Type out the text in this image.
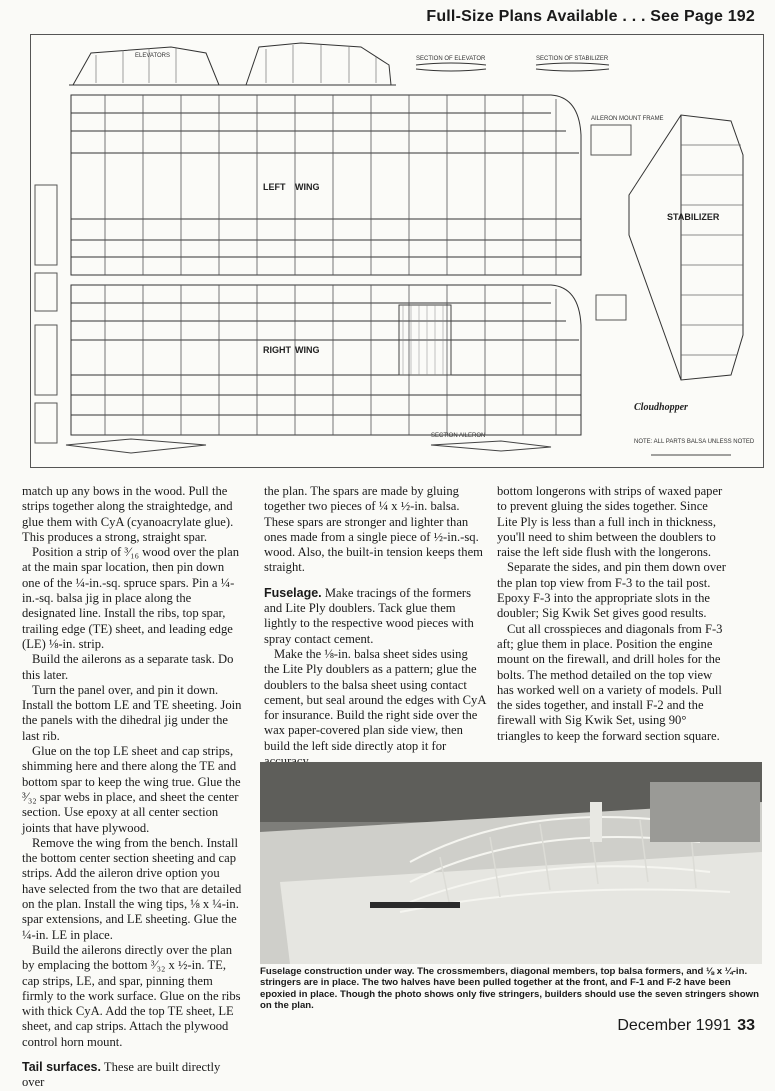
Full-Size Plans Available . . . See Page 192
ELEVATORS	SECTION OF ELEVATOR	SECTION OF STABILIZER
AILERON MOUNT FRAME
LEFT WING
RIGHT WING
STABILIZER
Cloudhopper
NOTE: ALL PARTS BALSA UNLESS NOTED
SECTION AILERON

match up any bows in the wood. Pull the strips together along the straightedge, and glue them with CyA (cyanoacrylate glue). This produces a strong, straight spar.

Position a strip of ³⁄₁₆ wood over the plan at the main spar location, then pin down one of the ¼-in.-sq. spruce spars. Pin a ¼-in.-sq. balsa jig in place along the designated line. Install the ribs, top spar, trailing edge (TE) sheet, and leading edge (LE) ⅛-in. strip.

Build the ailerons as a separate task. Do this later.

Turn the panel over, and pin it down. Install the bottom LE and TE sheeting. Join the panels with the dihedral jig under the last rib.

Glue on the top LE sheet and cap strips, shimming here and there along the TE and bottom spar to keep the wing true. Glue the ³⁄₃₂ spar webs in place, and sheet the center section. Use epoxy at all center section joints that have plywood.

Remove the wing from the bench. Install the bottom center section sheeting and cap strips. Add the aileron drive option you have selected from the two that are detailed on the plan. Install the wing tips, ⅛ x ¼-in. spar extensions, and LE sheeting. Glue the ¼-in. LE in place.

Build the ailerons directly over the plan by emplacing the bottom ³⁄₃₂ x ½-in. TE, cap strips, LE, and spar, pinning them firmly to the work surface. Glue on the ribs with thick CyA. Add the top TE sheet, LE sheet, and cap strips. Attach the plywood control horn mount.

Tail surfaces. These are built directly over

the plan. The spars are made by gluing together two pieces of ¼ x ½-in. balsa. These spars are stronger and lighter than ones made from a single piece of ½-in.-sq. wood. Also, the built-in tension keeps them straight.

Fuselage. Make tracings of the formers and Lite Ply doublers. Tack glue them lightly to the respective wood pieces with spray contact cement.

Make the ⅛-in. balsa sheet sides using the Lite Ply doublers as a pattern; glue the doublers to the balsa sheet using contact cement, but seal around the edges with CyA for insurance. Build the right side over the wax paper-covered plan side view, then build the left side directly atop it for

bottom longerons with strips of waxed paper to prevent gluing the sides together. Since Lite Ply is less than a full inch in thickness, you'll need to shim between the doublers to raise the left side flush with the longerons.

Separate the sides, and pin them down over the plan top view from F-3 to the tail post. Epoxy F-3 into the appropriate slots in the doubler; Sig Kwik Set gives good results.

Cut all crosspieces and diagonals from F-3 aft; glue them in place. Position the engine mount on the firewall, and drill holes for the bolts. The method detailed on the top view has worked well on a variety of models. Pull the sides together, and install F-2 and the firewall with Sig Kwik Set, using 90° triangles to keep the forward section square.

Fuselage construction under way. The crossmembers, diagonal members, top balsa formers, and ⅛ x ¼-in. stringers are in place. The two halves have been pulled together at the front, and F-1 and F-2 have been epoxied in place. Though the photo shows only five stringers, builders should use the seven stringers shown on the plan.
December 1991 33
